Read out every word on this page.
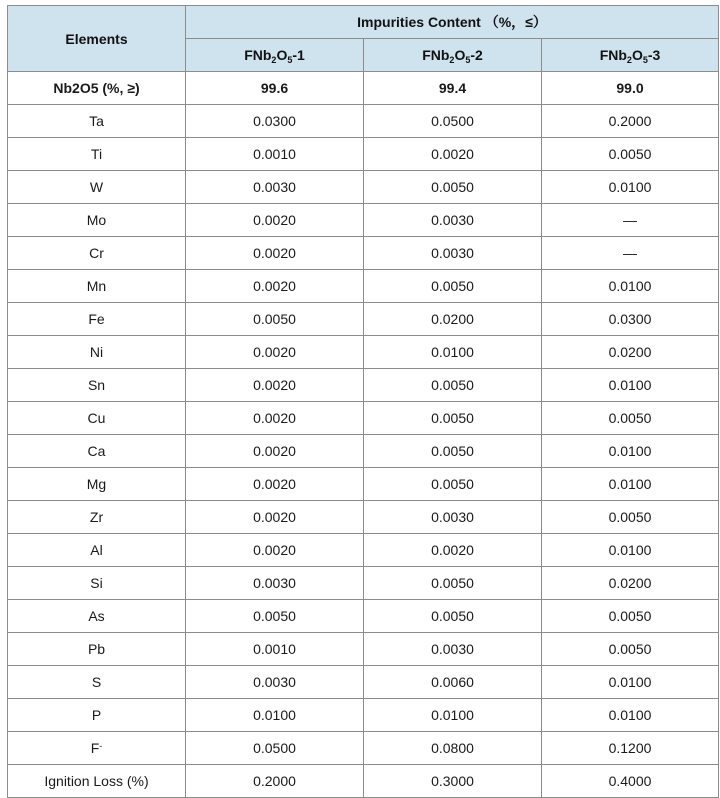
Elements	Impurities Content （%，≤）		
	$FNb_2O_5-1$	$FNb_2O_5-2$	$FNb_2O_5-3$
Nb2O5 (%, ≥)	99.6	99.4	99.0
Ta	0.0300	0.0500	0.2000
Ti	0.0010	0.0020	0.0050
W	0.0030	0.0050	0.0100
Mo	0.0020	0.0030	—
Cr	0.0020	0.0030	—
Mn	0.0020	0.0050	0.0100
Fe	0.0050	0.0200	0.0300
Ni	0.0020	0.0100	0.0200
Sn	0.0020	0.0050	0.0100
Cu	0.0020	0.0050	0.0050
Ca	0.0020	0.0050	0.0100
Mg	0.0020	0.0050	0.0100
Zr	0.0020	0.0030	0.0050
Al	0.0020	0.0020	0.0100
Si	0.0030	0.0050	0.0200
As	0.0050	0.0050	0.0050
Pb	0.0010	0.0030	0.0050
S	0.0030	0.0060	0.0100
P	0.0100	0.0100	0.0100
F-	0.0500	0.0800	0.1200
Ignition Loss (%)	0.2000	0.3000	0.4000
